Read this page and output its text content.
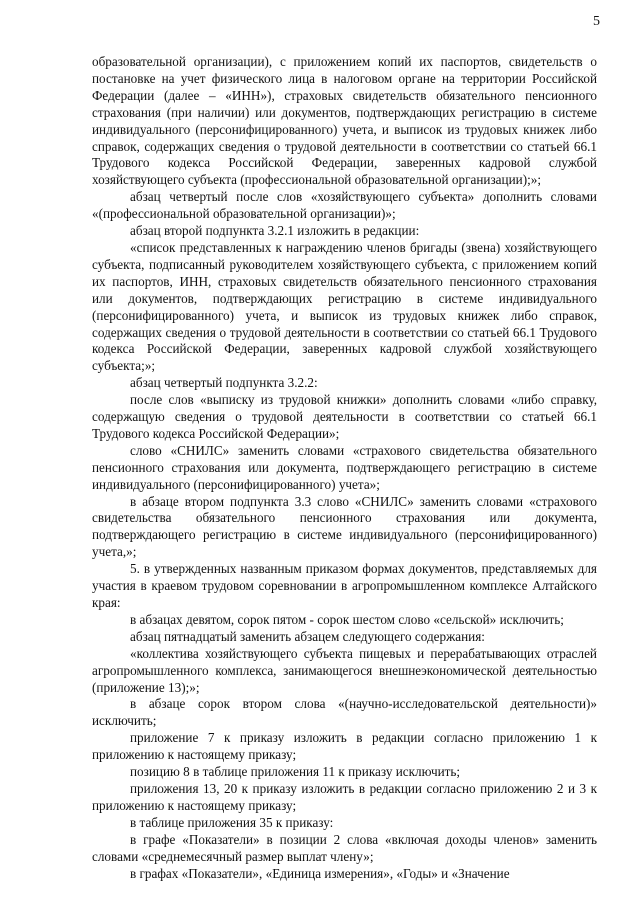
5

образовательной организации), с приложением копий их паспортов, свидетельств о постановке на учет физического лица в налоговом органе на территории Российской Федерации (далее – «ИНН»), страховых свидетельств обязательного пенсионного страхования (при наличии) или документов, подтверждающих регистрацию в системе индивидуального (персонифицированного) учета, и выписок из трудовых книжек либо справок, содержащих сведения о трудовой деятельности в соответствии со статьей 66.1 Трудового кодекса Российской Федерации, заверенных кадровой службой хозяйствующего субъекта (профессиональной образовательной организации);»;

абзац четвертый после слов «хозяйствующего субъекта» дополнить словами «(профессиональной образовательной организации)»;

абзац второй подпункта 3.2.1 изложить в редакции:

«список представленных к награждению членов бригады (звена) хозяйствующего субъекта, подписанный руководителем хозяйствующего субъекта, с приложением копий их паспортов, ИНН, страховых свидетельств обязательного пенсионного страхования или документов, подтверждающих регистрацию в системе индивидуального (персонифицированного) учета, и выписок из трудовых книжек либо справок, содержащих сведения о трудовой деятельности в соответствии со статьей 66.1 Трудового кодекса Российской Федерации, заверенных кадровой службой хозяйствующего субъекта;»;

абзац четвертый подпункта 3.2.2:

после слов «выписку из трудовой книжки» дополнить словами «либо справку, содержащую сведения о трудовой деятельности в соответствии со статьей 66.1 Трудового кодекса Российской Федерации»;

слово «СНИЛС» заменить словами «страхового свидетельства обязательного пенсионного страхования или документа, подтверждающего регистрацию в системе индивидуального (персонифицированного) учета»;

в абзаце втором подпункта 3.3 слово «СНИЛС» заменить словами «страхового свидетельства обязательного пенсионного страхования или документа, подтверждающего регистрацию в системе индивидуального (персонифицированного) учета,»;

5. в утвержденных названным приказом формах документов, представляемых для участия в краевом трудовом соревновании в агропромышленном комплексе Алтайского края:

в абзацах девятом, сорок пятом - сорок шестом слово «сельской» исключить;

абзац пятнадцатый заменить абзацем следующего содержания:

«коллектива хозяйствующего субъекта пищевых и перерабатывающих отраслей агропромышленного комплекса, занимающегося внешнеэкономической деятельностью (приложение 13);»;

в абзаце сорок втором слова «(научно-исследовательской деятельности)» исключить;

приложение 7 к приказу изложить в редакции согласно приложению 1 к приложению к настоящему приказу;

позицию 8 в таблице приложения 11 к приказу исключить;

приложения 13, 20 к приказу изложить в редакции согласно приложению 2 и 3 к приложению к настоящему приказу;

в таблице приложения 35 к приказу:

в графе «Показатели» в позиции 2 слова «включая доходы членов» заменить словами «среднемесячный размер выплат члену»;

в графах «Показатели», «Единица измерения», «Годы» и «Значение
